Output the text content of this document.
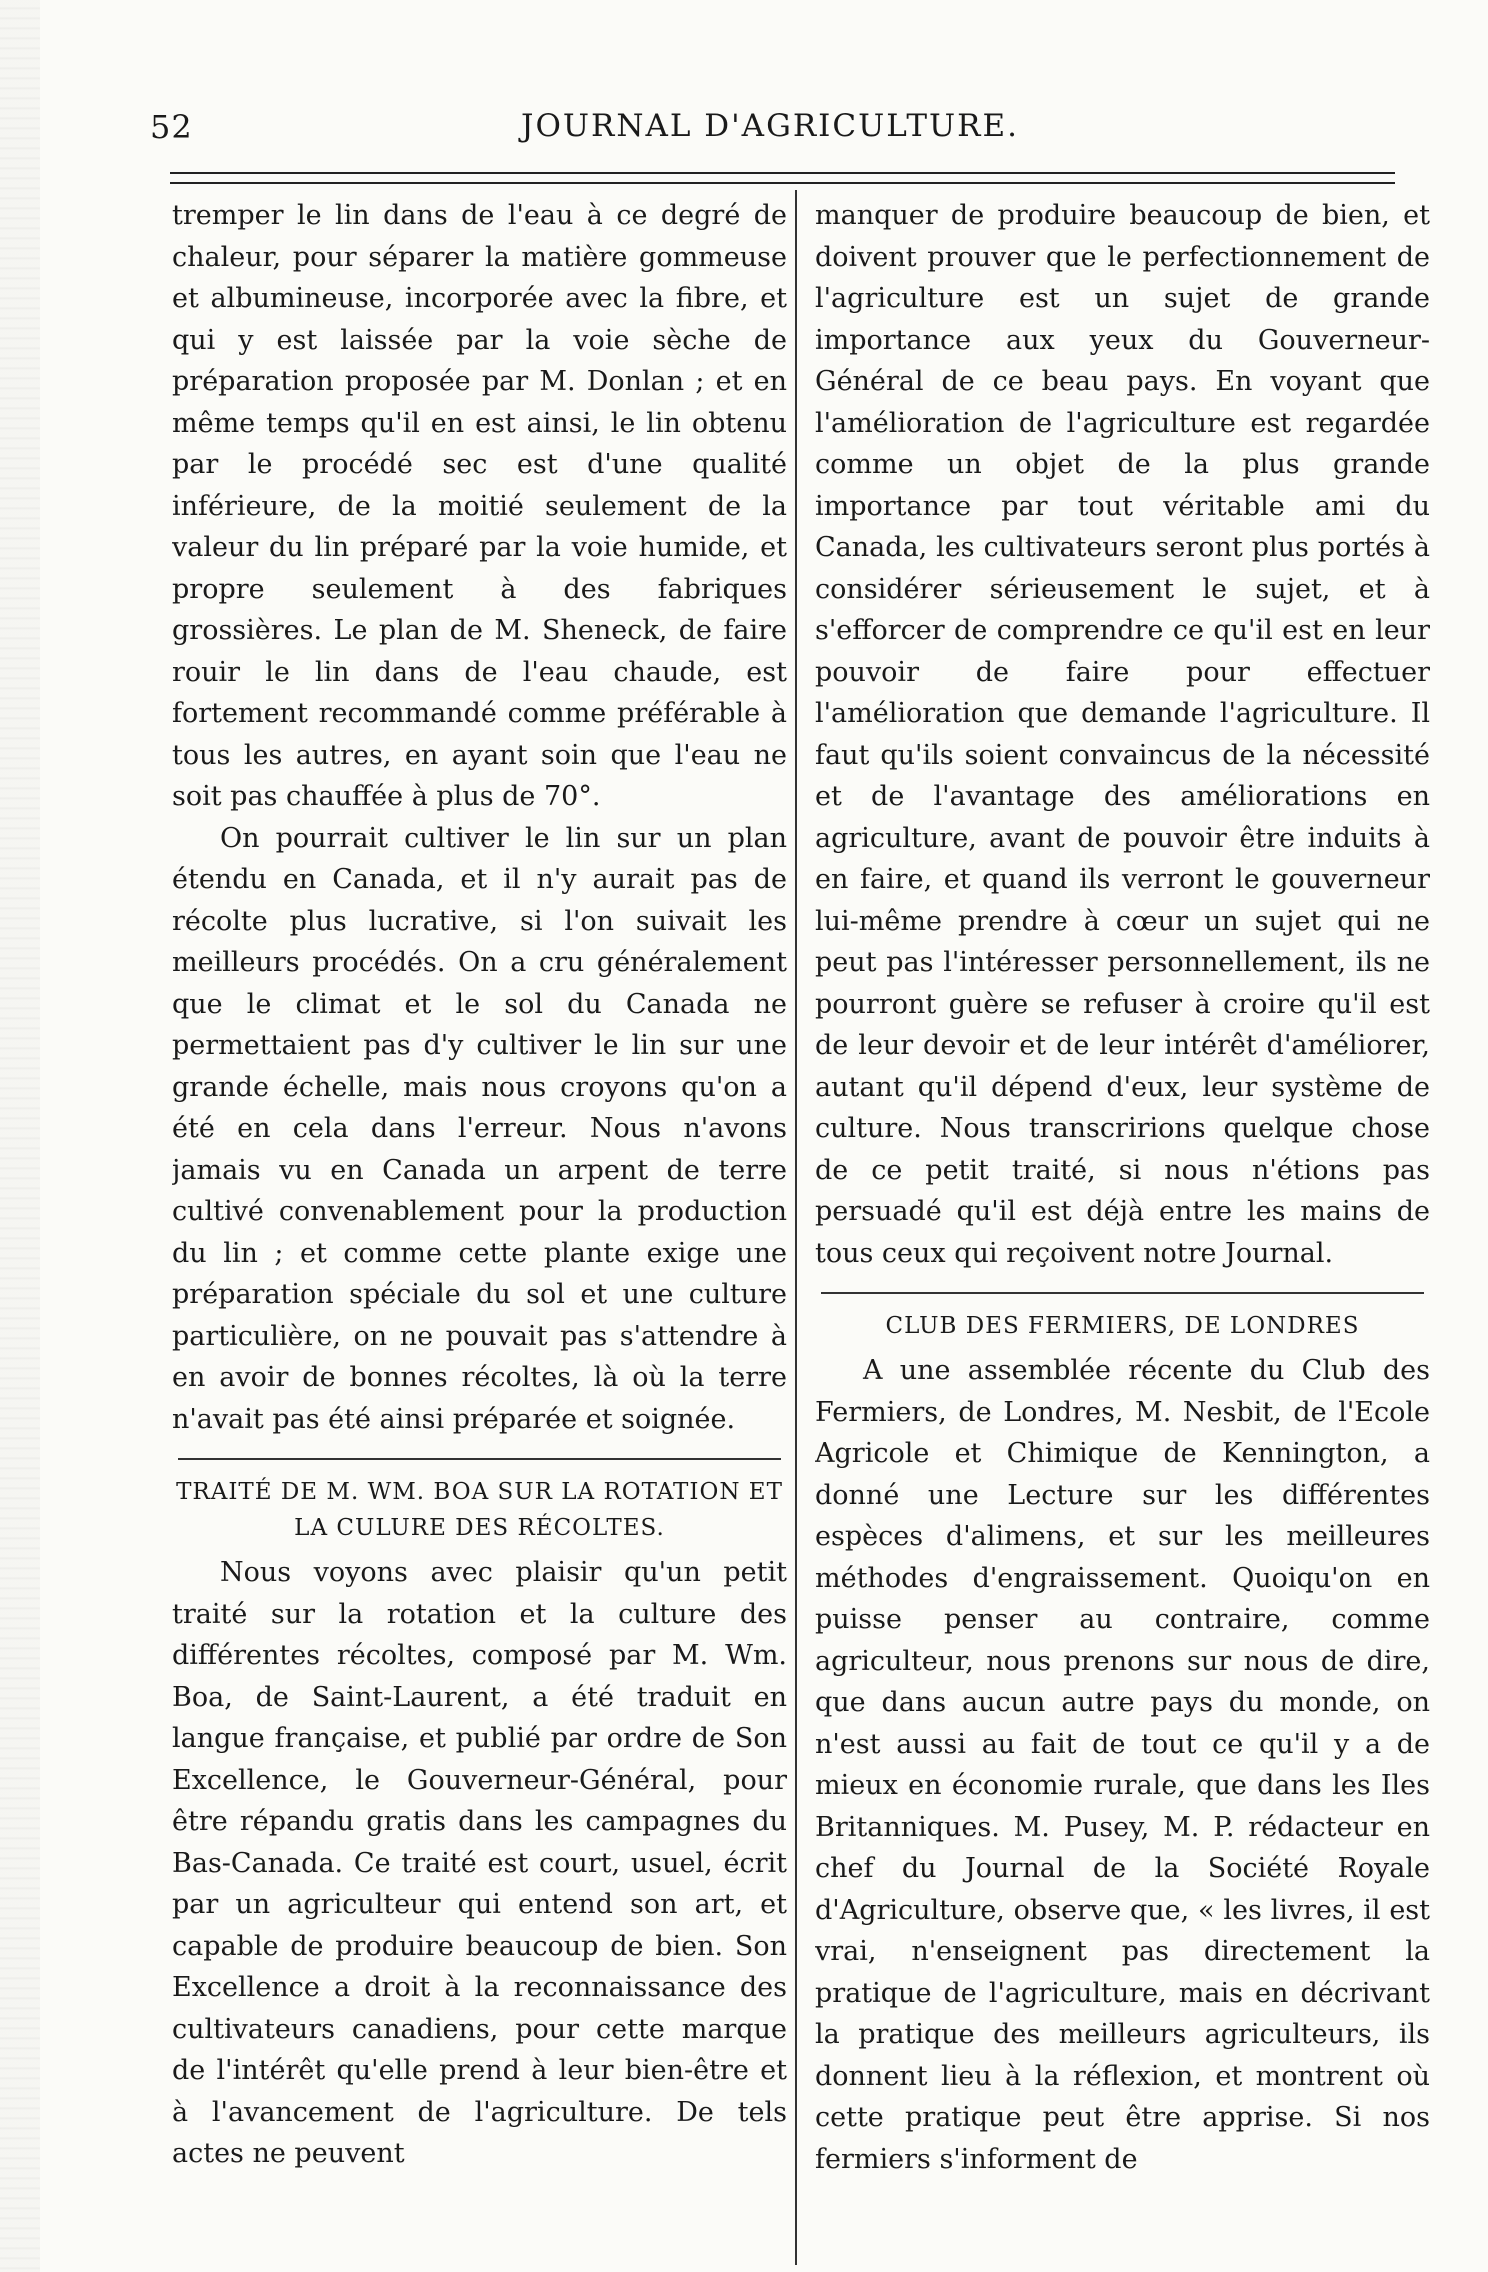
52	JOURNAL D'AGRICULTURE.

tremper le lin dans de l'eau à ce degré de chaleur, pour séparer la matière gommeuse et albumineuse, incorporée avec la fibre, et qui y est laissée par la voie sèche de préparation proposée par M. Donlan ; et en même temps qu'il en est ainsi, le lin obtenu par le procédé sec est d'une qualité inférieure, de la moitié seulement de la valeur du lin préparé par la voie humide, et propre seulement à des fabriques grossières. Le plan de M. Sheneck, de faire rouir le lin dans de l'eau chaude, est fortement recommandé comme préférable à tous les autres, en ayant soin que l'eau ne soit pas chauffée à plus de 70°.

On pourrait cultiver le lin sur un plan étendu en Canada, et il n'y aurait pas de récolte plus lucrative, si l'on suivait les meilleurs procédés. On a cru généralement que le climat et le sol du Canada ne permettaient pas d'y cultiver le lin sur une grande échelle, mais nous croyons qu'on a été en cela dans l'erreur. Nous n'avons jamais vu en Canada un arpent de terre cultivé convenablement pour la production du lin ; et comme cette plante exige une préparation spéciale du sol et une culture particulière, on ne pouvait pas s'attendre à en avoir de bonnes récoltes, là où la terre n'avait pas été ainsi préparée et soignée.

TRAITÉ DE M. WM. BOA SUR LA ROTATION ET LA CULURE DES RÉCOLTES.

Nous voyons avec plaisir qu'un petit traité sur la rotation et la culture des différentes récoltes, composé par M. Wm. Boa, de Saint-Laurent, a été traduit en langue française, et publié par ordre de Son Excellence, le Gouverneur-Général, pour être répandu gratis dans les campagnes du Bas-Canada. Ce traité est court, usuel, écrit par un agriculteur qui entend son art, et capable de produire beaucoup de bien. Son Excellence a droit à la reconnaissance des cultivateurs canadiens, pour cette marque de l'intérêt qu'elle prend à leur bien-être et à l'avancement de l'agriculture. De tels actes ne peuvent

manquer de produire beaucoup de bien, et doivent prouver que le perfectionnement de l'agriculture est un sujet de grande importance aux yeux du Gouverneur-Général de ce beau pays. En voyant que l'amélioration de l'agriculture est regardée comme un objet de la plus grande importance par tout véritable ami du Canada, les cultivateurs seront plus portés à considérer sérieusement le sujet, et à s'efforcer de comprendre ce qu'il est en leur pouvoir de faire pour effectuer l'amélioration que demande l'agriculture. Il faut qu'ils soient convaincus de la nécessité et de l'avantage des améliorations en agriculture, avant de pouvoir être induits à en faire, et quand ils verront le gouverneur lui-même prendre à cœur un sujet qui ne peut pas l'intéresser personnellement, ils ne pourront guère se refuser à croire qu'il est de leur devoir et de leur intérêt d'améliorer, autant qu'il dépend d'eux, leur système de culture. Nous transcririons quelque chose de ce petit traité, si nous n'étions pas persuadé qu'il est déjà entre les mains de tous ceux qui reçoivent notre Journal.

CLUB DES FERMIERS, DE LONDRES

A une assemblée récente du Club des Fermiers, de Londres, M. Nesbit, de l'Ecole Agricole et Chimique de Kennington, a donné une Lecture sur les différentes espèces d'alimens, et sur les meilleures méthodes d'engraissement. Quoiqu'on en puisse penser au contraire, comme agriculteur, nous prenons sur nous de dire, que dans aucun autre pays du monde, on n'est aussi au fait de tout ce qu'il y a de mieux en économie rurale, que dans les Iles Britanniques. M. Pusey, M. P. rédacteur en chef du Journal de la Société Royale d'Agriculture, observe que, « les livres, il est vrai, n'enseignent pas directement la pratique de l'agriculture, mais en décrivant la pratique des meilleurs agriculteurs, ils donnent lieu à la réflexion, et montrent où cette pratique peut être apprise. Si nos fermiers s'informent de
